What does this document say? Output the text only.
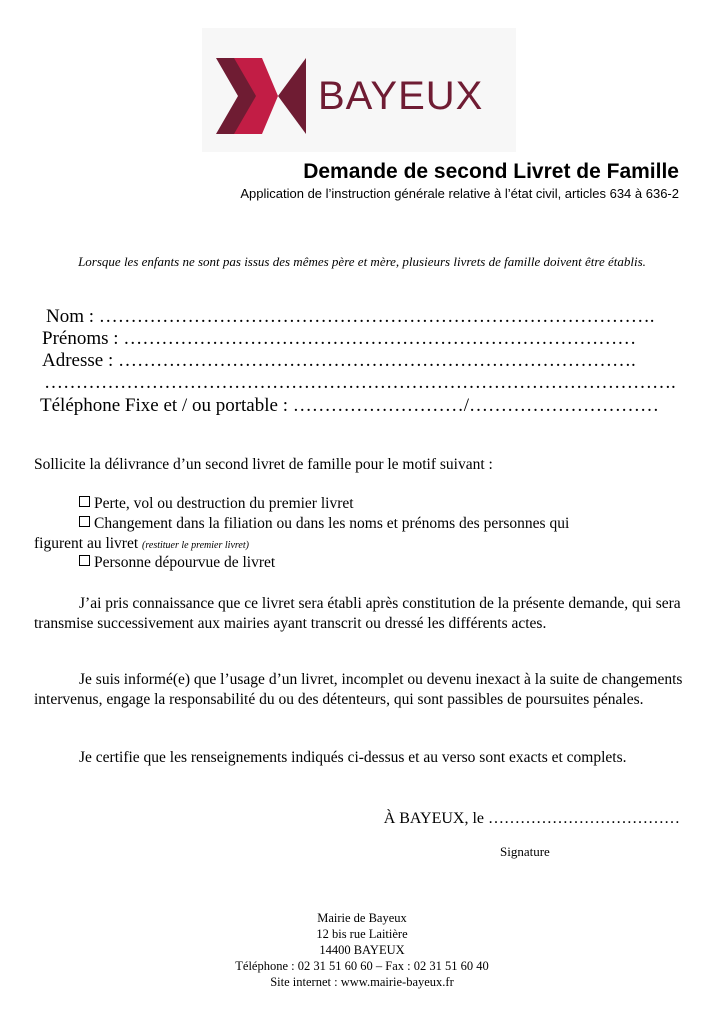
BAYEUX
Demande de second Livret de Famille
Application de l’instruction générale relative à l’état civil, articles 634 à 636-2
Lorsque les enfants ne sont pas issus des mêmes père et mère, plusieurs livrets de famille doivent être établis.
Nom : …………………………………………………………………………….
Prénoms : ………………………………………………………………………
Adresse : ……………………………………………………………………….
……………………………………………………………………………………….
Téléphone Fixe et / ou portable : ………………………/…………………………
Sollicite la délivrance d’un second livret de famille pour le motif suivant :
Perte, vol ou destruction du premier livret
Changement dans la filiation ou dans les noms et prénoms des personnes qui
figurent au livret (restituer le premier livret)
Personne dépourvue de livret
J’ai pris connaissance que ce livret sera établi après constitution de la présente demande, qui sera transmise successivement aux mairies ayant transcrit ou dressé les différents actes.
Je suis informé(e) que l’usage d’un livret, incomplet ou devenu inexact à la suite de changements intervenus, engage la responsabilité du ou des détenteurs, qui sont passibles de poursuites pénales.
Je certifie que les renseignements indiqués ci-dessus et au verso sont exacts et complets.
À BAYEUX, le ………………………………
Signature
Mairie de Bayeux
12 bis rue Laitière
14400 BAYEUX
Téléphone : 02 31 51 60 60 – Fax : 02 31 51 60 40
Site internet : www.mairie-bayeux.fr
